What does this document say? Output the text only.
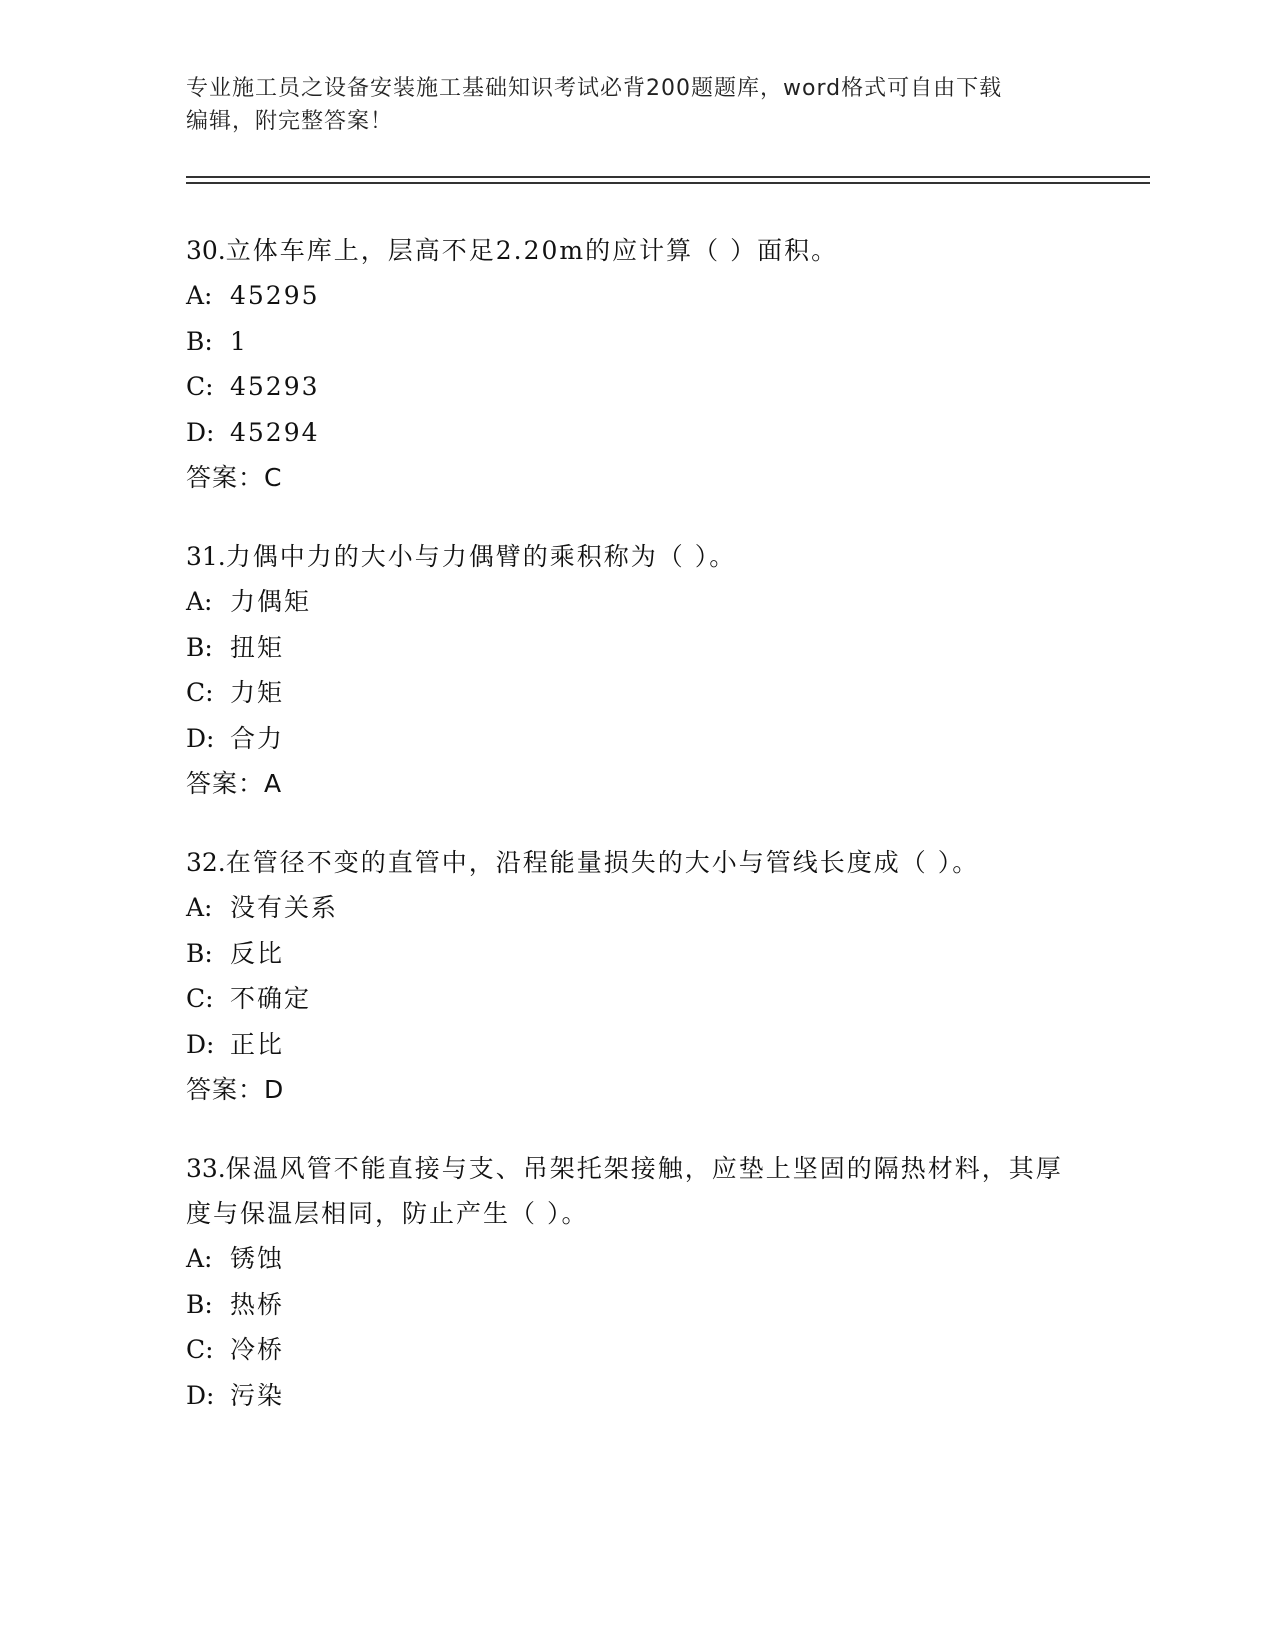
专业施工员之设备安装施工基础知识考试必背200题题库，word格式可自由下载
编辑，附完整答案！
30.立体车库上，层高不足2.20m的应计算（ ）面积。
A: 45295
B: 1
C: 45293
D: 45294
答案：C
31.力偶中力的大小与力偶臂的乘积称为（ ）。
A: 力偶矩
B: 扭矩
C: 力矩
D: 合力
答案：A
32.在管径不变的直管中，沿程能量损失的大小与管线长度成（ ）。
A: 没有关系
B: 反比
C: 不确定
D: 正比
答案：D
33.保温风管不能直接与支、吊架托架接触，应垫上坚固的隔热材料，其厚度与保温层相同，防止产生（ ）。
A: 锈蚀
B: 热桥
C: 冷桥
D: 污染
